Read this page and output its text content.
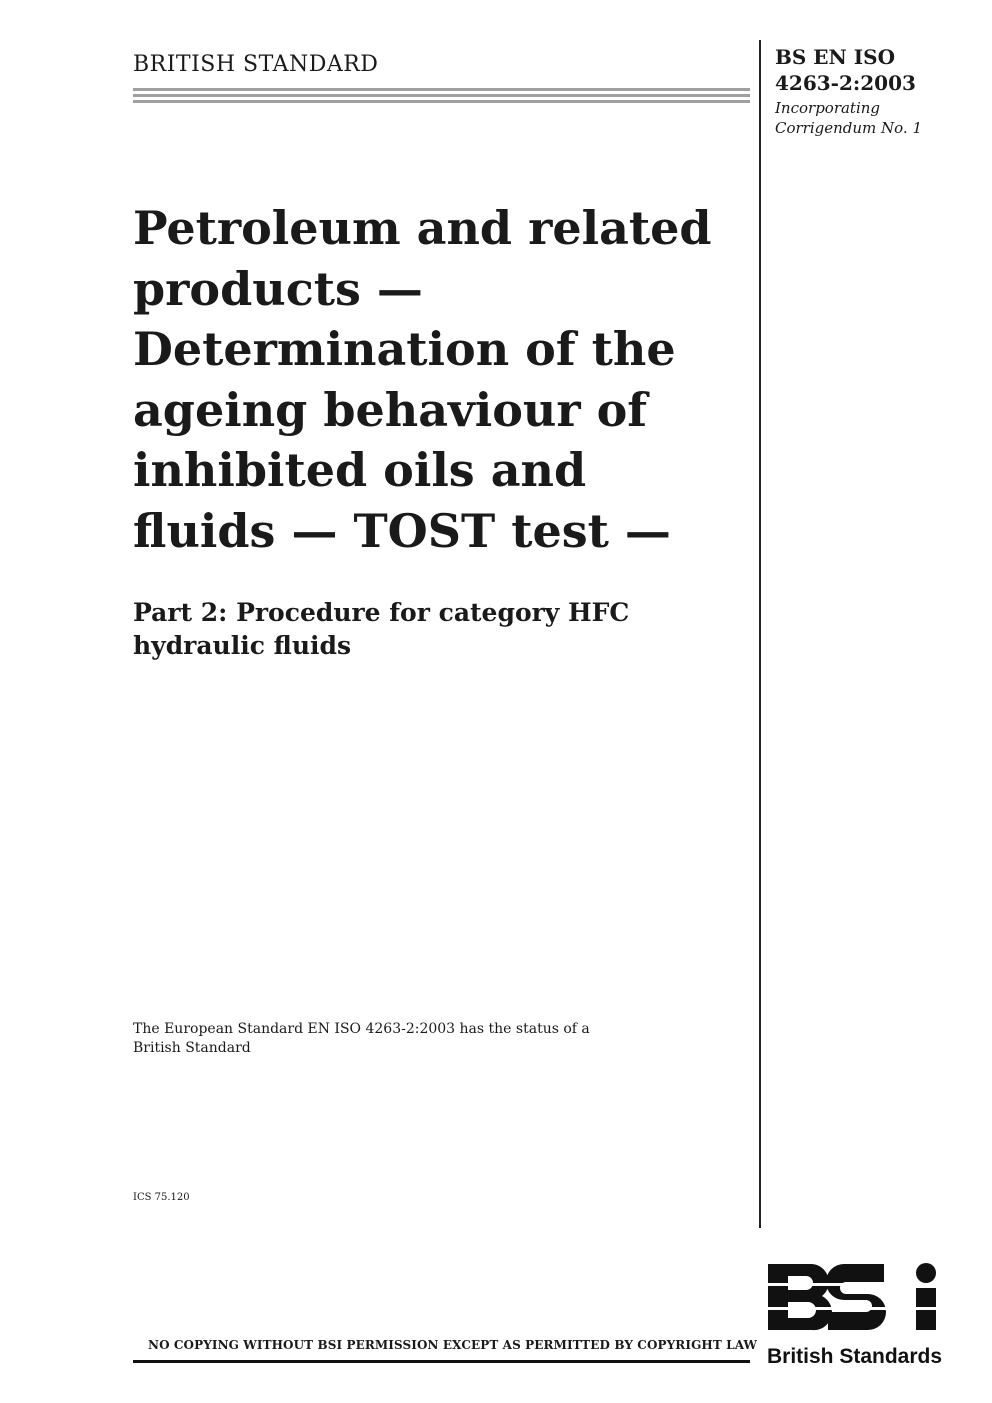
BRITISH STANDARD	BS EN ISO
4263-2:2003
Incorporating
Corrigendum No. 1
Petroleum and related
products —
Determination of the
ageing behaviour of
inhibited oils and
fluids — TOST test —
Part 2: Procedure for category HFC
hydraulic fluids
The European Standard EN ISO 4263-2:2003 has the status of a
British Standard
ICS 75.120
NO COPYING WITHOUT BSI PERMISSION EXCEPT AS PERMITTED BY COPYRIGHT LAW British Standards
